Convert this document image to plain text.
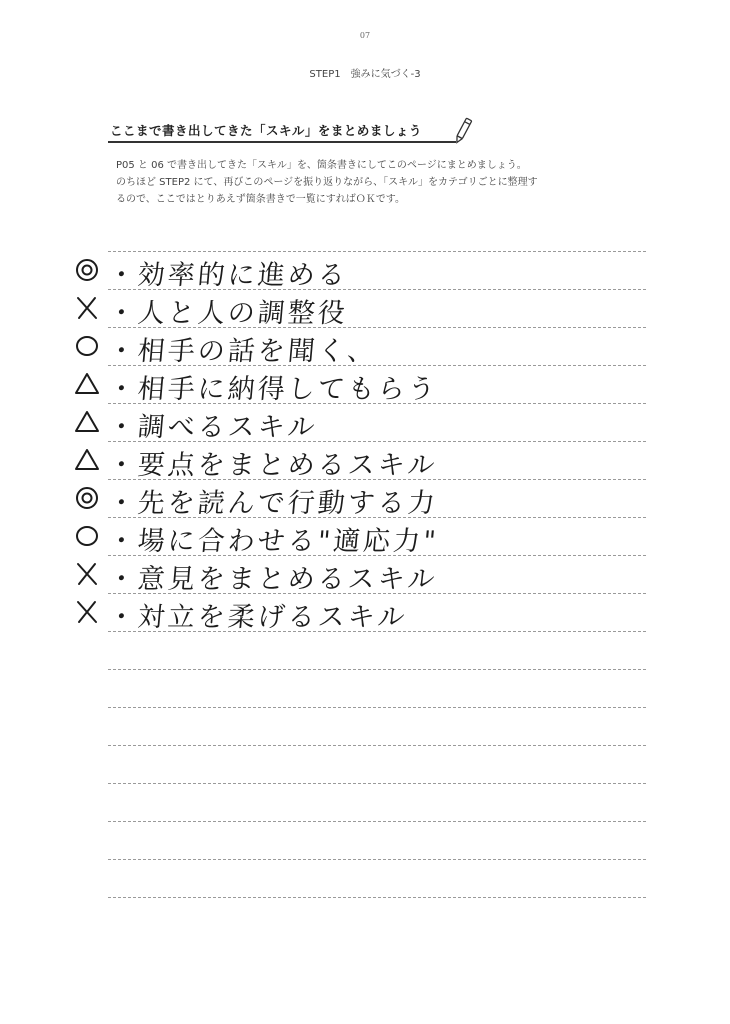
07
STEP1　強みに気づく-3
ここまで書き出してきた「スキル」をまとめましょう
P05 と 06 で書き出してきた「スキル」を、箇条書きにしてこのページにまとめましょう。
のちほど STEP2 にて、再びこのページを振り返りながら、「スキル」をカテゴリごとに整理す
るので、ここではとりあえず箇条書きで一覧にすればＯＫです。
・効率的に進める
・人と人の調整役
・相手の話を聞く、
・相手に納得してもらう
・調べるスキル
・要点をまとめるスキル
・先を読んで行動する力
・場に合わせる"適応力"
・意見をまとめるスキル
・対立を柔げるスキル
